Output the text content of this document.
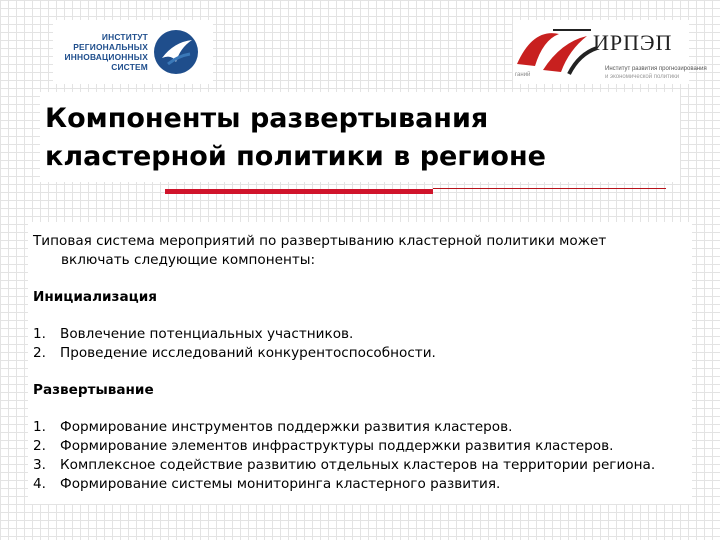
ИНСТИТУТ
РЕГИОНАЛЬНЫХ
ИННОВАЦИОННЫХ
СИСТЕМ
ИРПЭП
Институт развития прогнозирования
и экономической политики
ганий
Компоненты развертывания
кластерной политики в регионе

Типовая система мероприятий по развертыванию кластерной политики может
включать следующие компоненты:

Инициализация

1.	Вовлечение потенциальных участников.
2.	Проведение исследований конкурентоспособности.

Развертывание

1.	Формирование инструментов поддержки развития кластеров.
2.	Формирование элементов инфраструктуры поддержки развития кластеров.
3.	Комплексное содействие развитию отдельных кластеров на территории региона.
4.	Формирование системы мониторинга кластерного развития.
